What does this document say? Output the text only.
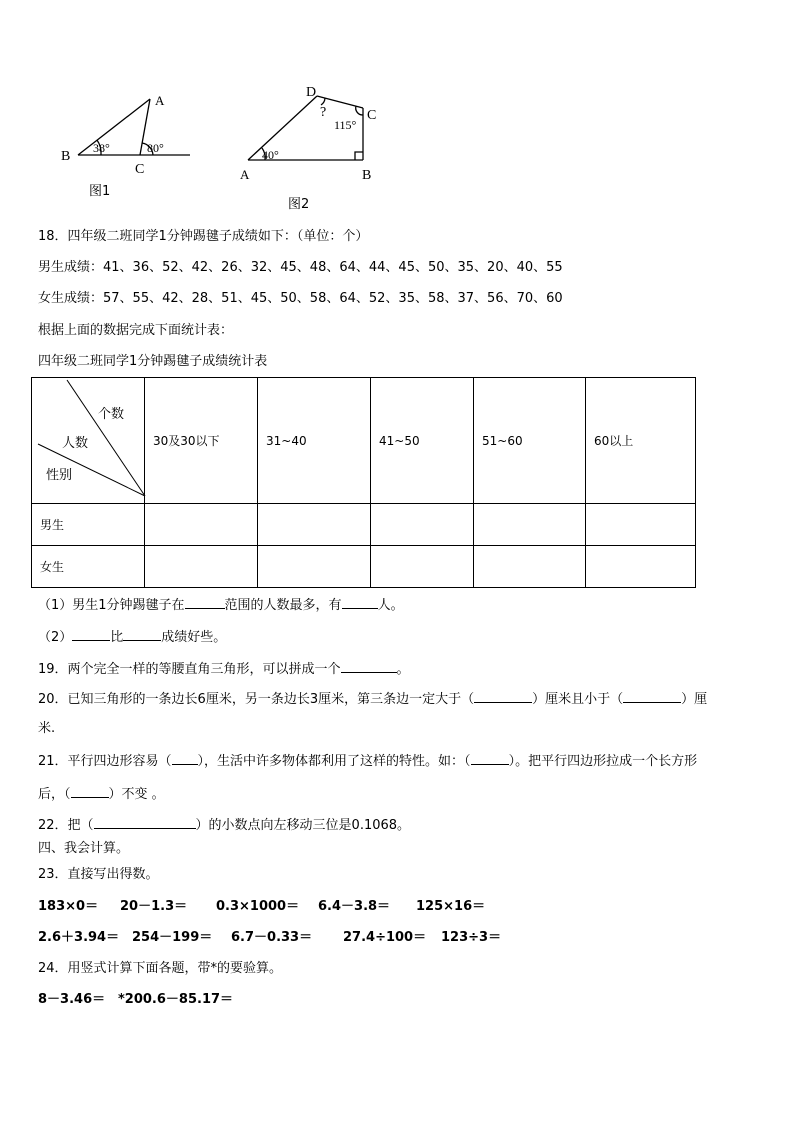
B
A
C
38°	80°
图1
D
C
A	B
40°
115°
?
图2
18．四年级二班同学1分钟踢毽子成绩如下：（单位：个）
男生成绩：41、36、52、42、26、32、45、48、64、44、45、50、35、20、40、55
女生成绩：57、55、42、28、51、45、50、58、64、52、35、58、37、56、70、60
根据上面的数据完成下面统计表：
四年级二班同学1分钟踢毽子成绩统计表
个数
人数
性别	30及30以下	31~40	41~50	51~60	60以上
男生					
女生					
（1）男生1分钟踢毽子在	范围的人数最多，有	人。
（2）	比	成绩好些。
19．两个完全一样的等腰直角三角形，可以拼成一个	。
20．已知三角形的一条边长6厘米，另一条边长3厘米，第三条边一定大于（	）厘米且小于（	）厘
米.
21．平行四边形容易（ ），生活中许多物体都利用了这样的特性。如：（	）。把平行四边形拉成一个长方形
后，（	）不变 。
22．把（	）的小数点向左移动三位是0.1068。
四、我会计算。
23．直接写出得数。
183×0＝ 20－1.3＝ 0.3×1000＝ 6.4－3.8＝ 125×16＝
2.6＋3.94＝ 254－199＝ 6.7－0.33＝ 27.4÷100＝ 123÷3＝
24．用竖式计算下面各题，带*的要验算。
8－3.46＝ *200.6－85.17＝
